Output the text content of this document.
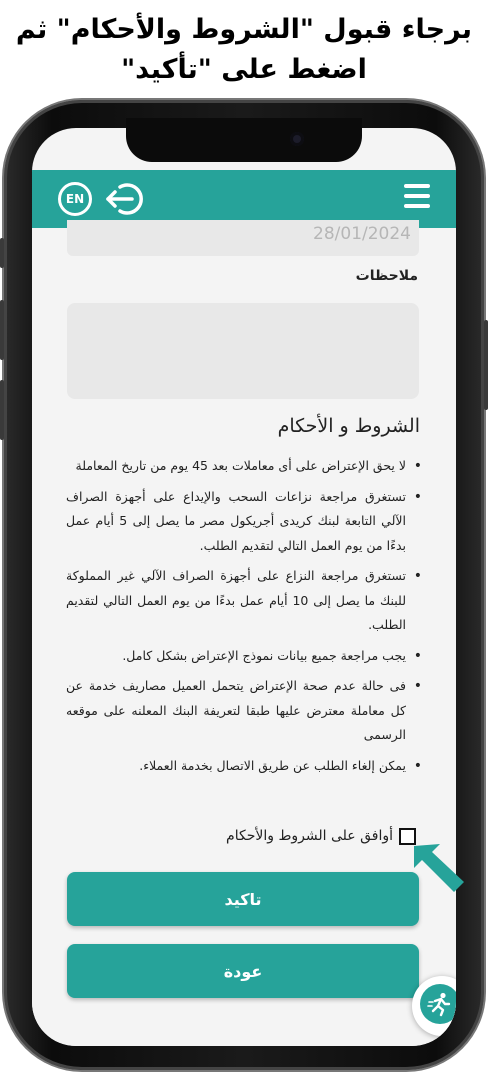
برجاء قبول "الشروط والأحكام" ثم
اضغط على "تأكيد"
EN
28/01/2024
ملاحظات
الشروط و الأحكام
• لا يحق الإعتراض على أى معاملات بعد 45 يوم من تاريخ المعاملة
• تستغرق مراجعة نزاعات السحب والإيداع على أجهزة الصراف الآلي التابعة لبنك كريدى أجريكول مصر ما يصل إلى 5 أيام عمل بدءًا من يوم العمل التالي لتقديم الطلب.
• تستغرق مراجعة النزاع على أجهزة الصراف الآلي غير المملوكة للبنك ما يصل إلى 10 أيام عمل بدءًا من يوم العمل التالي لتقديم الطلب.
• يجب مراجعة جميع بيانات نموذج الإعتراض بشكل كامل.
• فى حالة عدم صحة الإعتراض يتحمل العميل مصاريف خدمة عن كل معاملة معترض عليها طبقا لتعريفة البنك المعلنه على موقعه الرسمى
• يمكن إلغاء الطلب عن طريق الاتصال بخدمة العملاء.
أوافق على الشروط والأحكام
تاكيد
عودة
